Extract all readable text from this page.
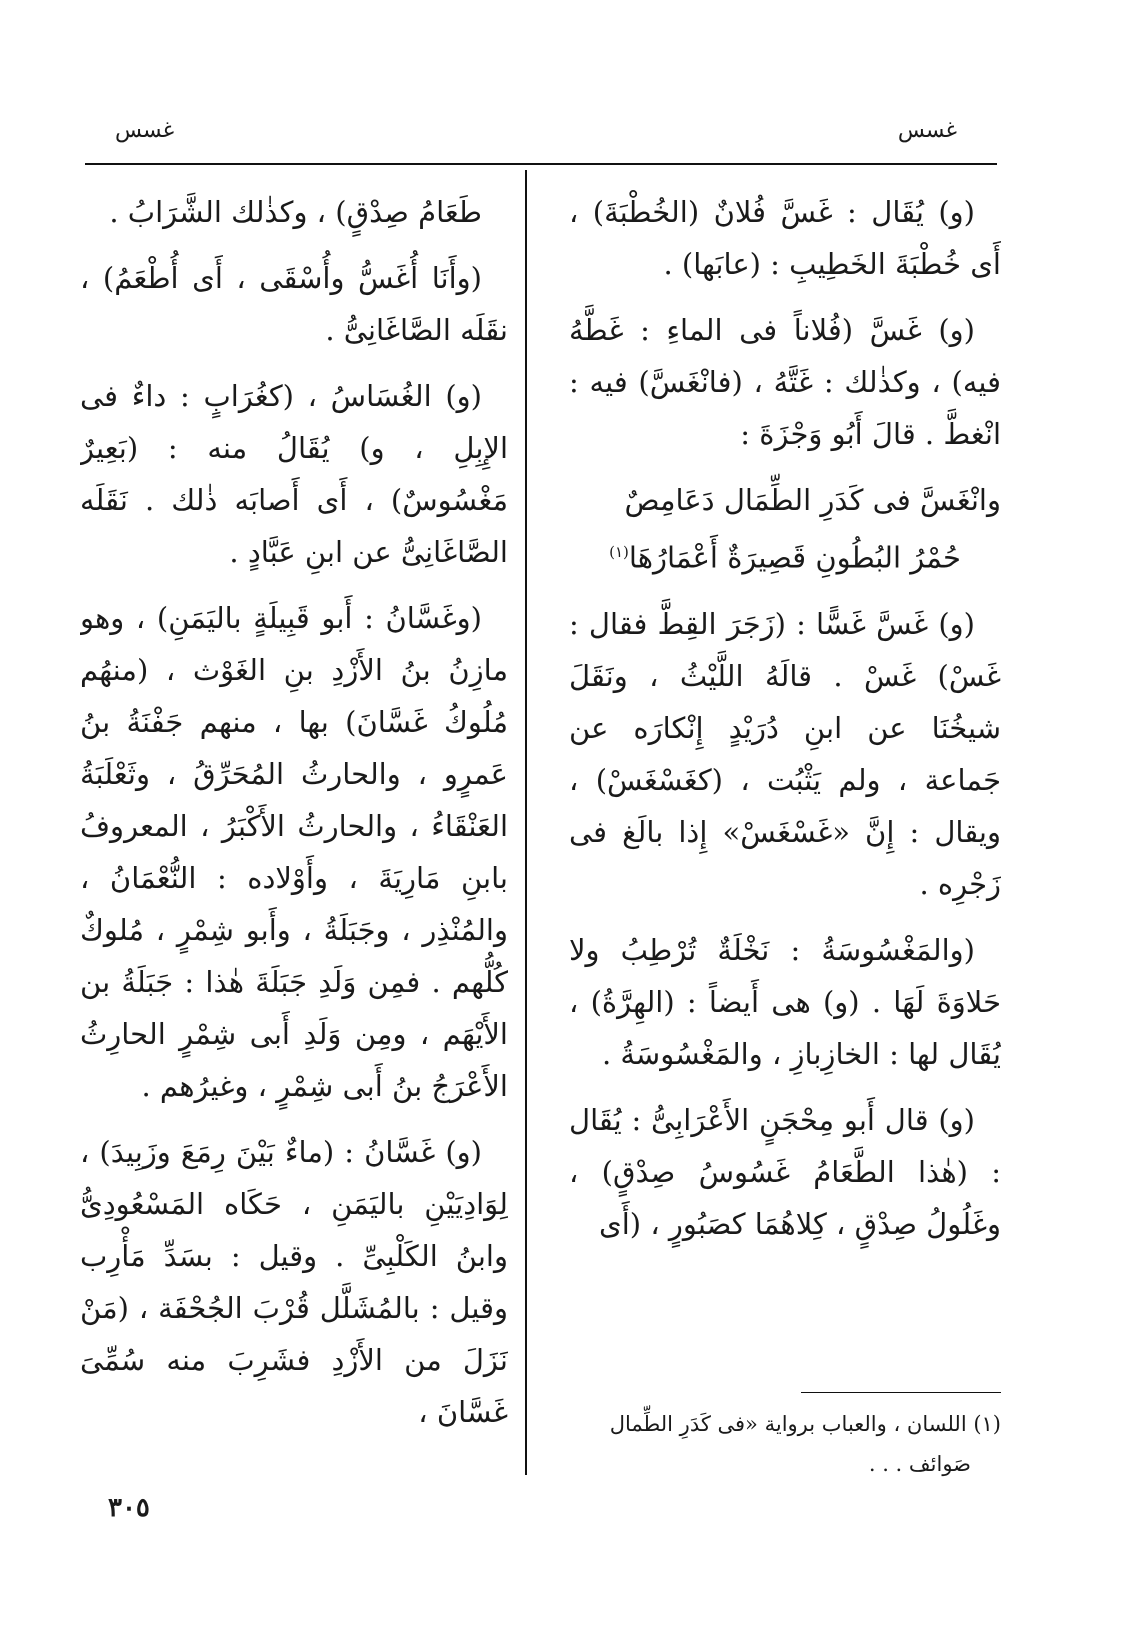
غسس
غسس

(و) يُقَال : غَسَّ فُلانٌ (الخُطْبَةَ) ، أَى خُطْبَةَ الخَطِيبِ : (عابَها) .

(و) غَسَّ (فُلاناً فى الماءِ : غَطَّهُ فيه) ، وكذٰلك : غَتَّهُ ، (فانْغَسَّ) فيه : انْغطَّ . قالَ أَبُو وَجْزَةَ :

وانْغَسَّ فى كَدَرِ الطِّمَال دَعَامِصٌ
حُمْرُ البُطُونِ قَصِيرَةٌ أَعْمَارُهَا$^{(١)}$

(و) غَسَّ غَسًّا : (زَجَرَ القِطَّ فقال : غَسْ) غَسْ . قالَهُ اللَّيْثُ ، ونَقَلَ شيخُنَا عن ابنِ دُرَيْدٍ إِنْكارَه عن جَماعة ، ولم يَثْبُت ، (كغَسْغَسْ) ، ويقال : إِنَّ «غَسْغَسْ» إِذا بالَغ فى زَجْرِه .

(والمَغْسُوسَةُ : نَخْلَةٌ تُرْطِبُ ولا حَلاوَةَ لَهَا . (و) هى أَيضاً : (الهِرَّةُ) ، يُقَال لها : الخازِبازِ ، والمَغْسُوسَةُ .

(و) قال أَبو مِحْجَنٍ الأَعْرَابِىُّ : يُقَال : (هٰذا الطَّعَامُ غَسُوسُ صِدْقٍ) ، وغَلُولُ صِدْقٍ ، كِلاهُمَا كصَبُورٍ ، (أَى

طَعَامُ صِدْقٍ) ، وكذٰلك الشَّرَابُ .

(وأَنَا أُغَسُّ وأُسْقَى ، أَى أُطْعَمُ) ، نقَلَه الصَّاغَانِىُّ .

(و) الغُسَاسُ ، (كغُرَابٍ : داءٌ فى الإِبِلِ ، و) يُقَالُ منه : (بَعِيرٌ مَغْسُوسٌ) ، أَى أَصابَه ذٰلك . نَقَلَه الصَّاغَانِىُّ عن ابنِ عَبَّادٍ .

(وغَسَّانُ : أَبو قَبِيلَةٍ باليَمَنِ) ، وهو مازِنُ بنُ الأَزْدِ بنِ الغَوْث ، (منهُم مُلُوكُ غَسَّانَ) بها ، منهم جَفْنَةُ بنُ عَمرٍو ، والحارثُ المُحَرِّقُ ، وثَعْلَبَةُ العَنْقَاءُ ، والحارثُ الأَكْبَرُ ، المعروفُ بابنِ مَارِيَةَ ، وأَوْلاده : النُّعْمَانُ ، والمُنْذِر ، وجَبَلَةُ ، وأَبو شِمْرٍ ، مُلوكٌ كُلُّهم . فمِن وَلَدِ جَبَلَةَ هٰذا : جَبَلَةُ بن الأَيْهَم ، ومِن وَلَدِ أَبى شِمْرٍ الحارِثُ الأَعْرَجُ بنُ أَبى شِمْرٍ ، وغيرُهم .

(و) غَسَّانُ : (ماءٌ بَيْنَ رِمَعَ وزَبِيدَ) ، لِوَادِيَيْنِ باليَمَنِ ، حَكَاه المَسْعُودِىُّ وابنُ الكَلْبِىِّ . وقيل : بسَدِّ مَأْرِب وقيل : بالمُشَلَّل قُرْبَ الجُحْفَة ، (مَنْ نَزَلَ من الأَزْدِ فشَرِبَ منه سُمِّىَ غَسَّانَ ،	(١) اللسان ، والعباب برواية «فى كَدَرِ الطِّمال
صَوائف . . .
٣٠٥
